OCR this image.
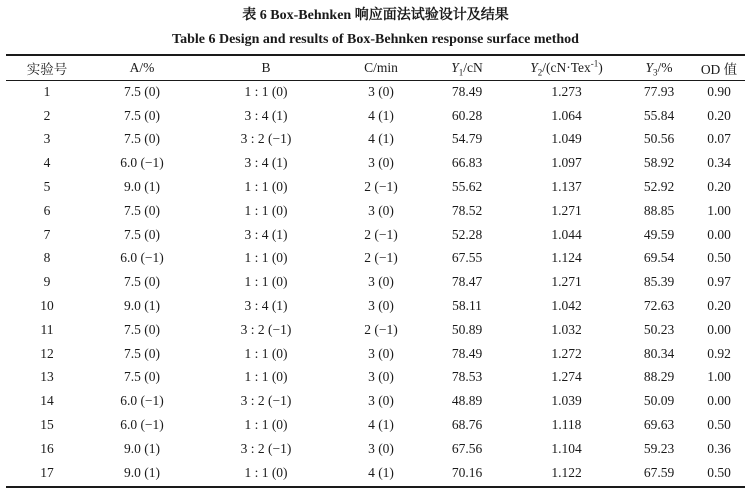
表 6 Box-Behnken 响应面法试验设计及结果
Table 6 Design and results of Box-Behnken response surface method
实验号	A/%	B	C/min	$Y_1/cN$	$Y_2/(cN\cdot Tex^{-1})$	$Y_3/\%$	OD 值
1	7.5 (0)	1 : 1 (0)	3 (0)	78.49	1.273	77.93	0.90
2	7.5 (0)	3 : 4 (1)	4 (1)	60.28	1.064	55.84	0.20
3	7.5 (0)	3 : 2 (−1)	4 (1)	54.79	1.049	50.56	0.07
4	6.0 (−1)	3 : 4 (1)	3 (0)	66.83	1.097	58.92	0.34
5	9.0 (1)	1 : 1 (0)	2 (−1)	55.62	1.137	52.92	0.20
6	7.5 (0)	1 : 1 (0)	3 (0)	78.52	1.271	88.85	1.00
7	7.5 (0)	3 : 4 (1)	2 (−1)	52.28	1.044	49.59	0.00
8	6.0 (−1)	1 : 1 (0)	2 (−1)	67.55	1.124	69.54	0.50
9	7.5 (0)	1 : 1 (0)	3 (0)	78.47	1.271	85.39	0.97
10	9.0 (1)	3 : 4 (1)	3 (0)	58.11	1.042	72.63	0.20
11	7.5 (0)	3 : 2 (−1)	2 (−1)	50.89	1.032	50.23	0.00
12	7.5 (0)	1 : 1 (0)	3 (0)	78.49	1.272	80.34	0.92
13	7.5 (0)	1 : 1 (0)	3 (0)	78.53	1.274	88.29	1.00
14	6.0 (−1)	3 : 2 (−1)	3 (0)	48.89	1.039	50.09	0.00
15	6.0 (−1)	1 : 1 (0)	4 (1)	68.76	1.118	69.63	0.50
16	9.0 (1)	3 : 2 (−1)	3 (0)	67.56	1.104	59.23	0.36
17	9.0 (1)	1 : 1 (0)	4 (1)	70.16	1.122	67.59	0.50
